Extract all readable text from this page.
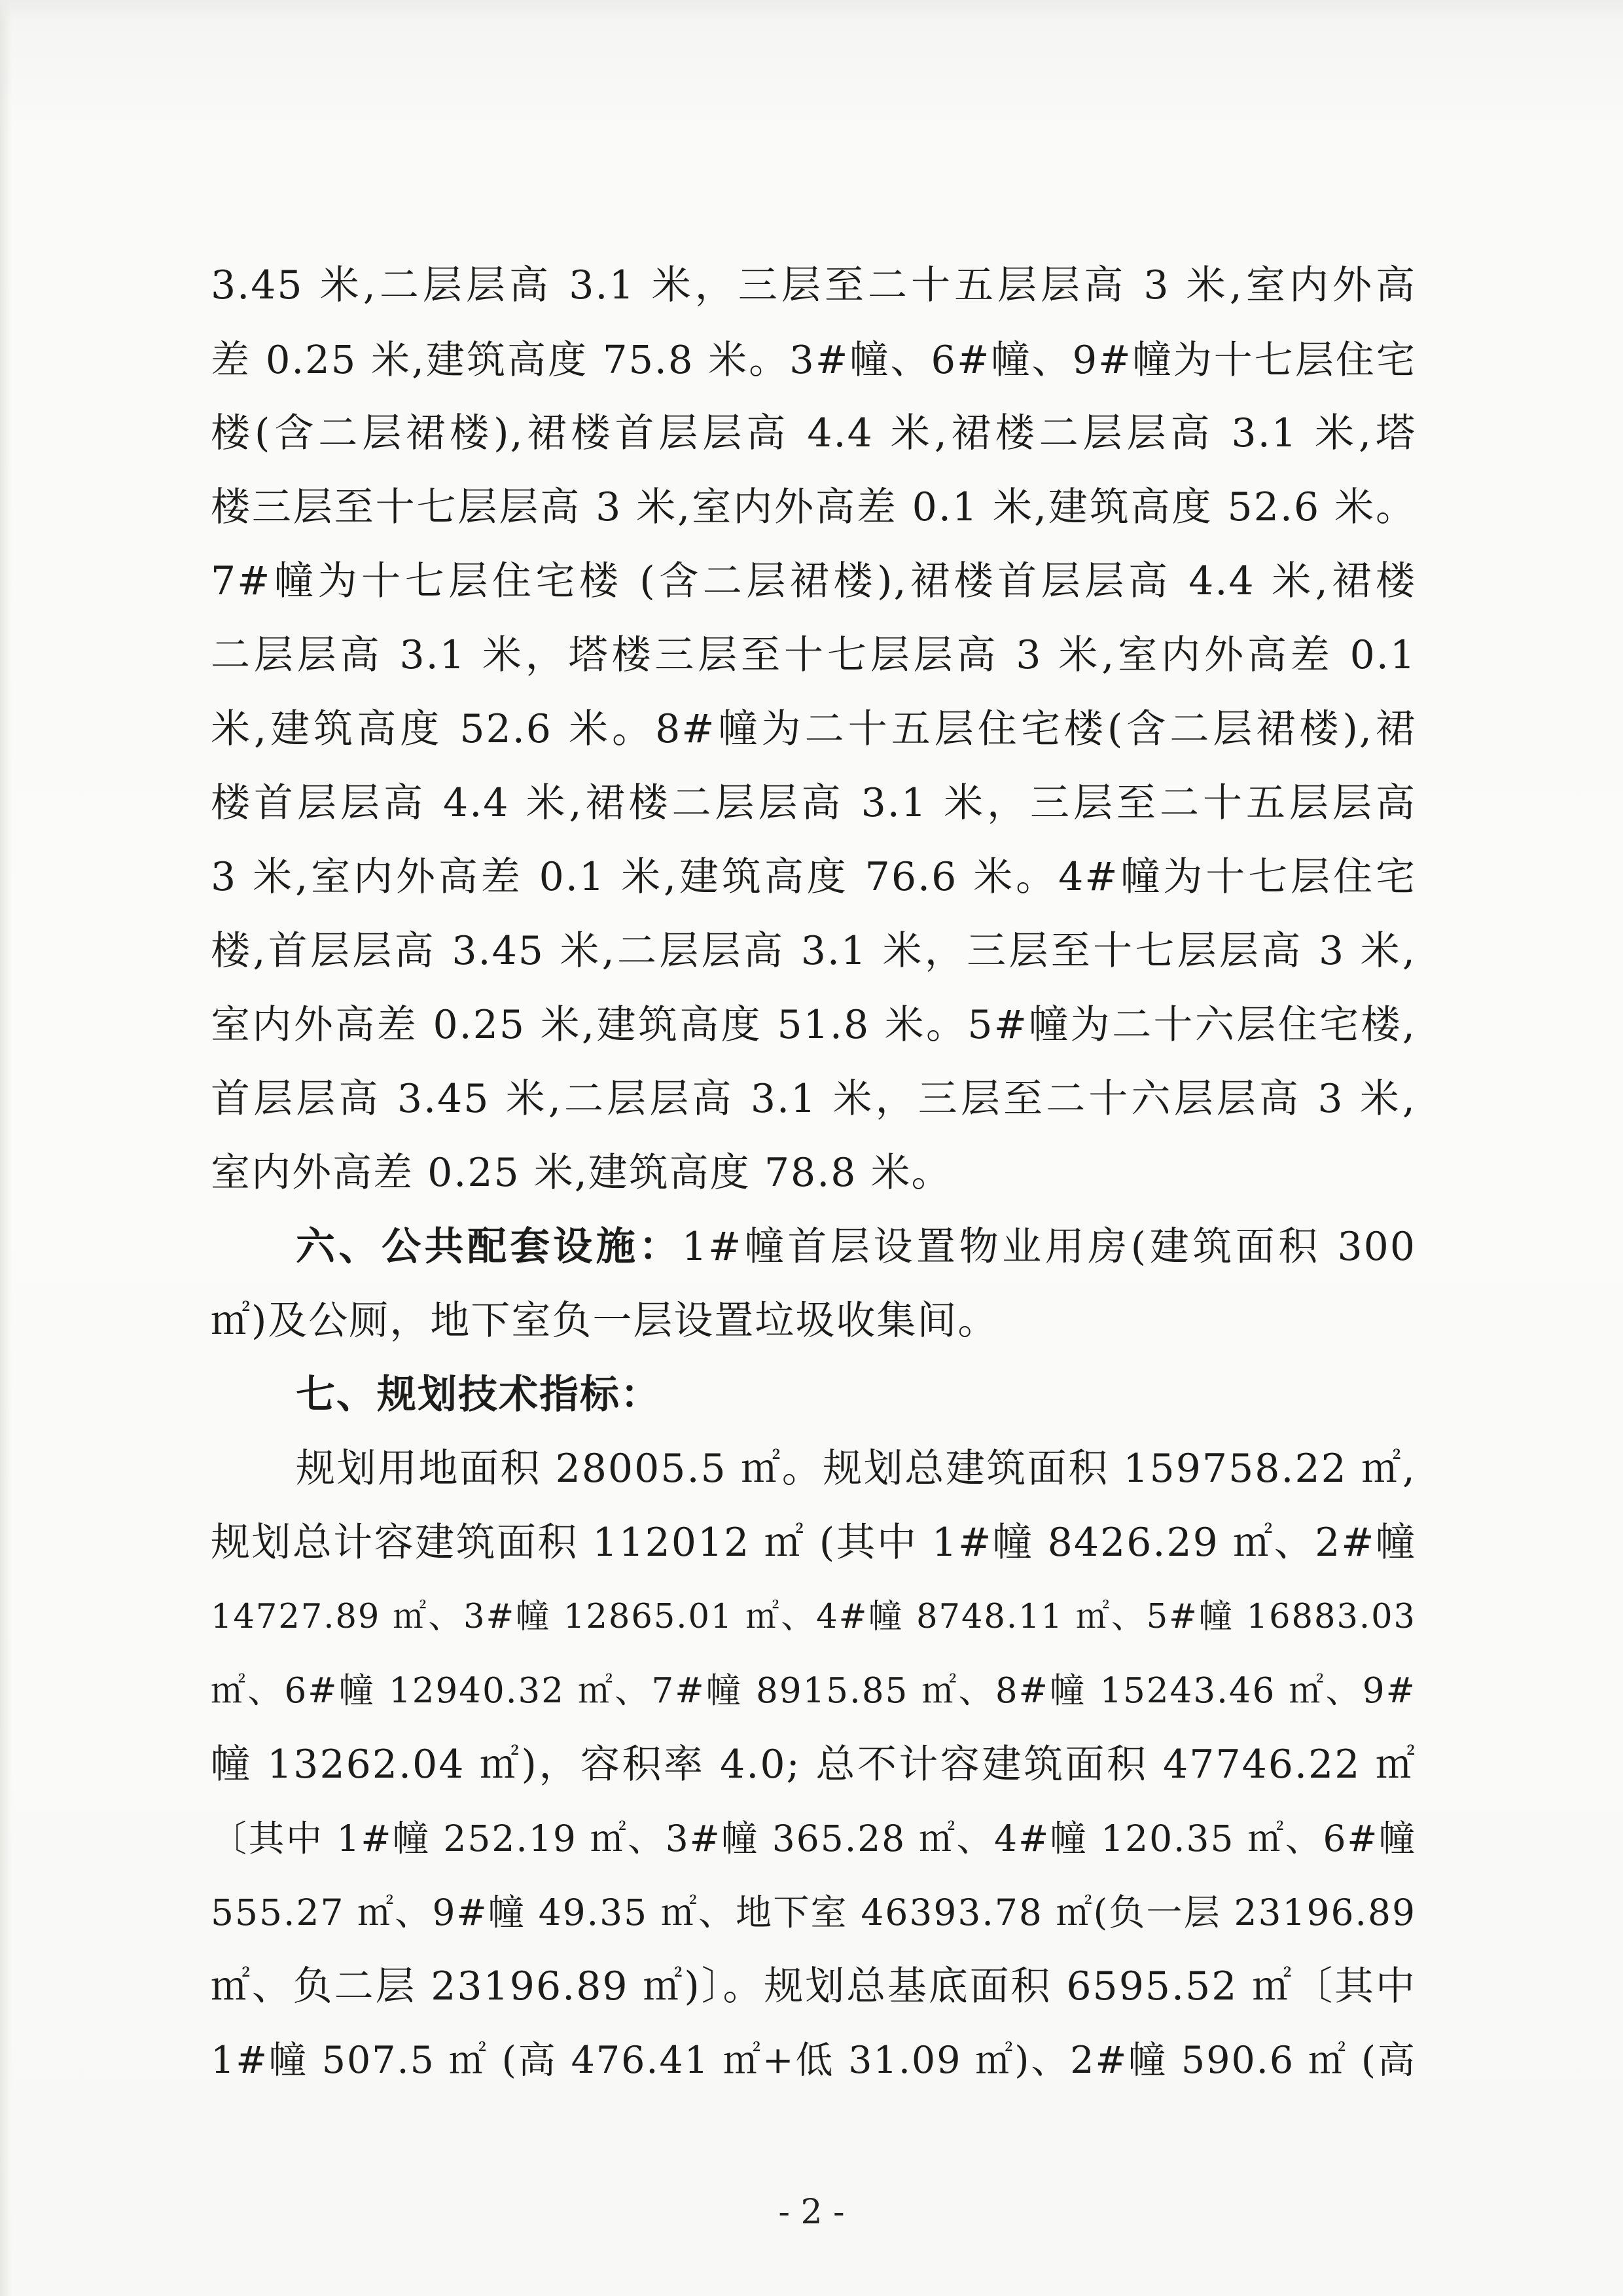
3.45 米,二层层高 3.1 米，三层至二十五层层高 3 米,室内外高
差 0.25 米,建筑高度 75.8 米。3#幢、6#幢、9#幢为十七层住宅
楼(含二层裙楼),裙楼首层层高 4.4 米,裙楼二层层高 3.1 米,塔
楼三层至十七层层高 3 米,室内外高差 0.1 米,建筑高度 52.6 米。
7#幢为十七层住宅楼 (含二层裙楼),裙楼首层层高 4.4 米,裙楼
二层层高 3.1 米，塔楼三层至十七层层高 3 米,室内外高差 0.1
米,建筑高度 52.6 米。8#幢为二十五层住宅楼(含二层裙楼),裙
楼首层层高 4.4 米,裙楼二层层高 3.1 米，三层至二十五层层高
3 米,室内外高差 0.1 米,建筑高度 76.6 米。4#幢为十七层住宅
楼,首层层高 3.45 米,二层层高 3.1 米，三层至十七层层高 3 米,
室内外高差 0.25 米,建筑高度 51.8 米。5#幢为二十六层住宅楼,
首层层高 3.45 米,二层层高 3.1 米，三层至二十六层层高 3 米,
室内外高差 0.25 米,建筑高度 78.8 米。
六、公共配套设施：1#幢首层设置物业用房(建筑面积 300
㎡)及公厕，地下室负一层设置垃圾收集间。
七、规划技术指标：
规划用地面积 28005.5 ㎡。规划总建筑面积 159758.22 ㎡,
规划总计容建筑面积 112012 ㎡ (其中 1#幢 8426.29 ㎡、2#幢
14727.89 ㎡、3#幢 12865.01 ㎡、4#幢 8748.11 ㎡、5#幢 16883.03
㎡、6#幢 12940.32 ㎡、7#幢 8915.85 ㎡、8#幢 15243.46 ㎡、9#
幢 13262.04 ㎡)，容积率 4.0; 总不计容建筑面积 47746.22 ㎡
〔其中 1#幢 252.19 ㎡、3#幢 365.28 ㎡、4#幢 120.35 ㎡、6#幢
555.27 ㎡、9#幢 49.35 ㎡、地下室 46393.78 ㎡(负一层 23196.89
㎡、负二层 23196.89 ㎡)〕。规划总基底面积 6595.52 ㎡〔其中
1#幢 507.5 ㎡ (高 476.41 ㎡+低 31.09 ㎡)、2#幢 590.6 ㎡ (高
- 2 -
